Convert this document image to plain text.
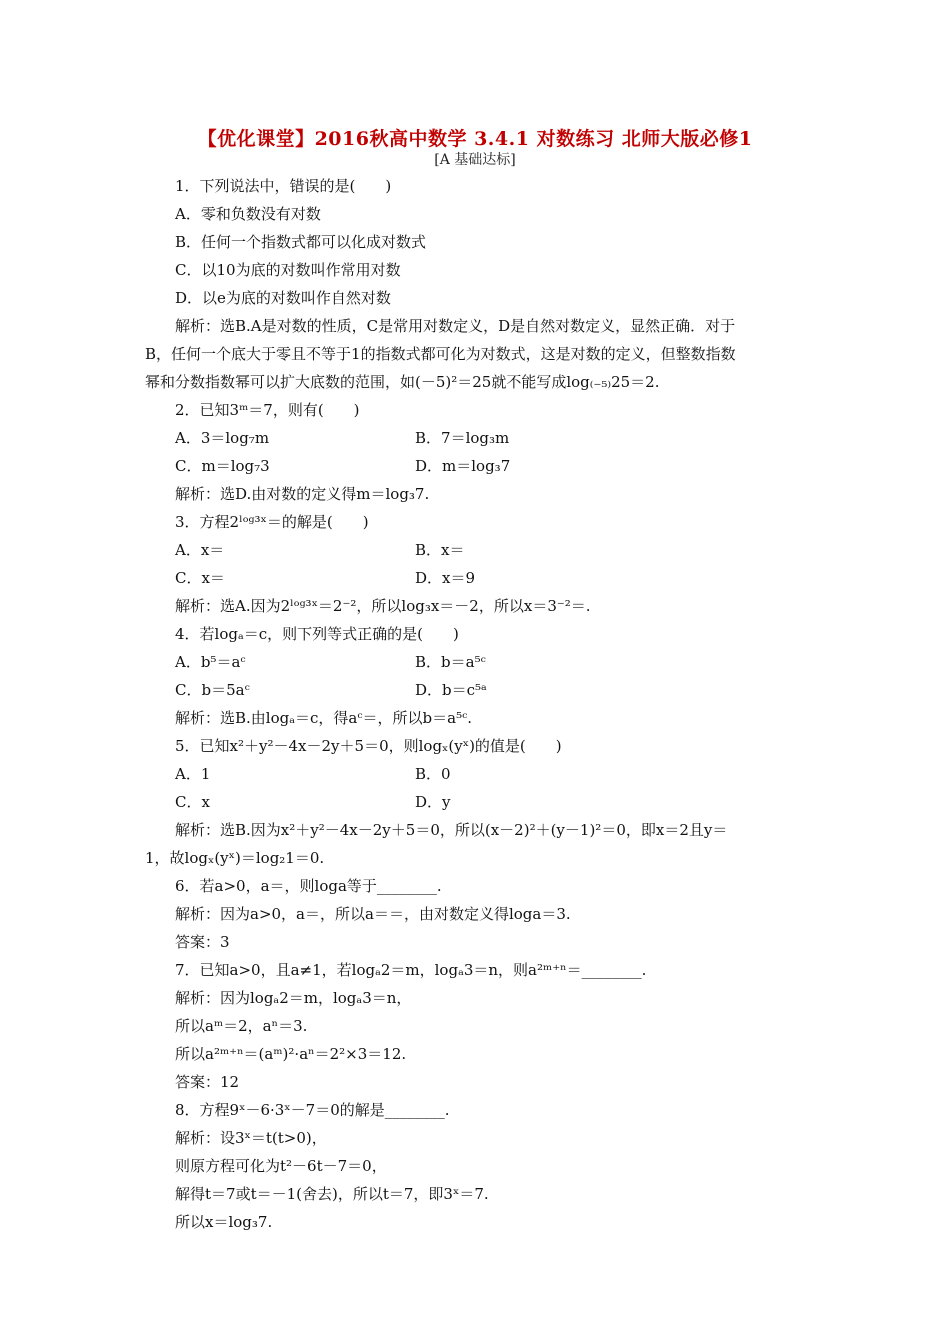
【优化课堂】2016秋高中数学 3.4.1 对数练习 北师大版必修1
[A 基础达标]
1．下列说法中，错误的是(　　)
A．零和负数没有对数
B．任何一个指数式都可以化成对数式
C．以10为底的对数叫作常用对数
D．以e为底的对数叫作自然对数
解析：选B.A是对数的性质，C是常用对数定义，D是自然对数定义，显然正确．对于
B，任何一个底大于零且不等于1的指数式都可化为对数式，这是对数的定义，但整数指数
幂和分数指数幂可以扩大底数的范围，如(－5)²＝25就不能写成log₍₋₅₎25＝2.
2．已知3ᵐ＝7，则有(　　)
A．3＝log₇m	B．7＝log₃m
C．m＝log₇3	D．m＝log₃7
解析：选D.由对数的定义得m＝log₃7.
3．方程2ˡᵒᵍ³ˣ＝的解是(　　)
A．x＝	B．x＝
C．x＝	D．x＝9
解析：选A.因为2ˡᵒᵍ³ˣ＝2⁻²，所以log₃x＝－2，所以x＝3⁻²＝.
4．若logₐ＝c，则下列等式正确的是(　　)
A．b⁵＝aᶜ	B．b＝a⁵ᶜ
C．b＝5aᶜ	D．b＝c⁵ᵃ
解析：选B.由logₐ＝c，得aᶜ＝，所以b＝a⁵ᶜ.
5．已知x²＋y²－4x－2y＋5＝0，则logₓ(yˣ)的值是(　　)
A．1	B．0
C．x	D．y
解析：选B.因为x²＋y²－4x－2y＋5＝0，所以(x－2)²＋(y－1)²＝0，即x＝2且y＝
1，故logₓ(yˣ)＝log₂1＝0.
6．若a>0，a＝，则loga等于________.
解析：因为a>0，a＝，所以a＝＝，由对数定义得loga＝3.
答案：3
7．已知a>0，且a≠1，若logₐ2＝m，logₐ3＝n，则a²ᵐ⁺ⁿ＝________.
解析：因为logₐ2＝m，logₐ3＝n，
所以aᵐ＝2，aⁿ＝3.
所以a²ᵐ⁺ⁿ＝(aᵐ)²·aⁿ＝2²×3＝12.
答案：12
8．方程9ˣ－6·3ˣ－7＝0的解是________.
解析：设3ˣ＝t(t>0)，
则原方程可化为t²－6t－7＝0，
解得t＝7或t＝－1(舍去)，所以t＝7，即3ˣ＝7.
所以x＝log₃7.
